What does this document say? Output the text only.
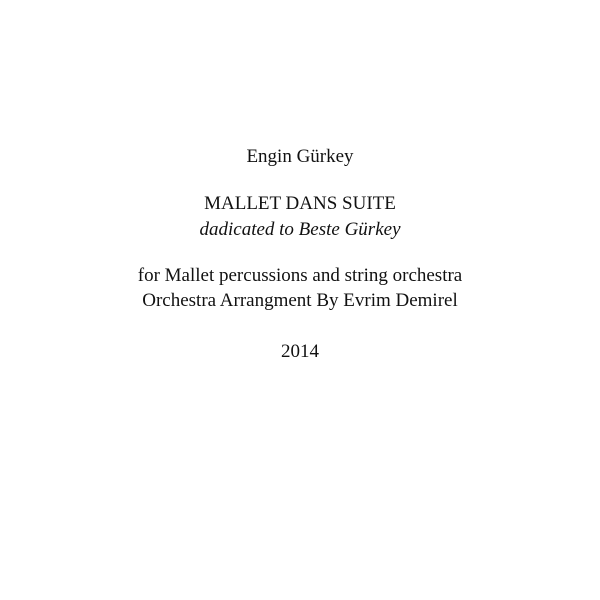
Engin Gürkey
MALLET DANS SUITE
dadicated to Beste Gürkey
for Mallet percussions and string orchestra
Orchestra Arrangment By Evrim Demirel
2014
